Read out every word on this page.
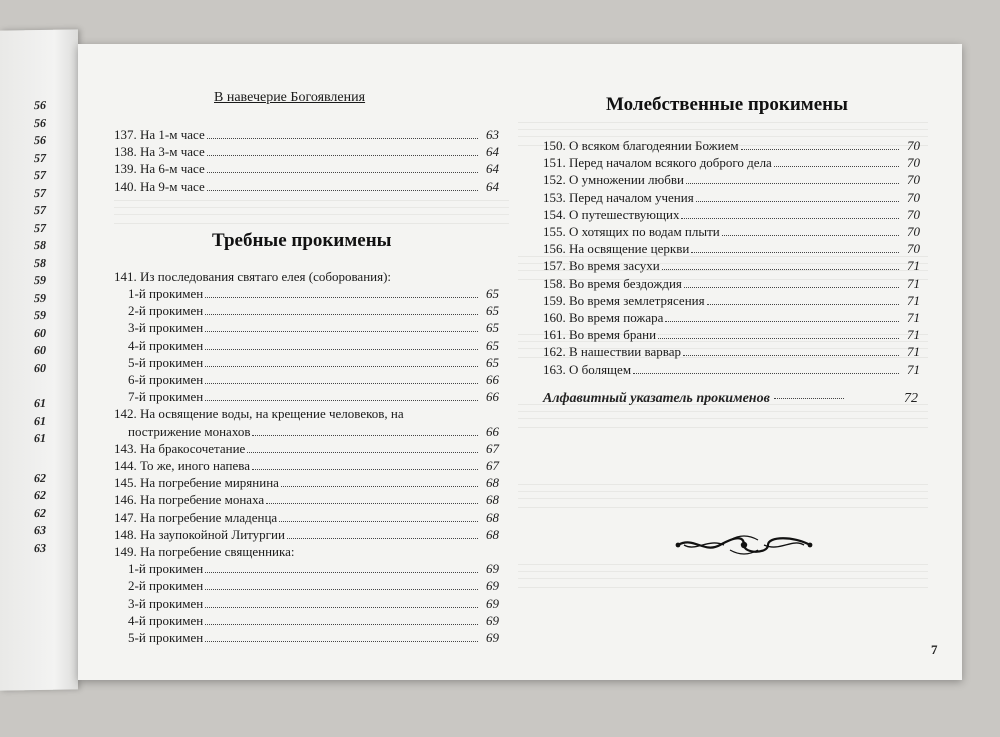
56
56
56
57
57
57
57
57
58
58
59
59
59
60
60
60
61
61
61
62
62
62
63
63
В навечерие Богоявления
Требные прокимены
Молебственные прокимены
Алфавитный указатель прокименов	72
7
137. На 1-м часе	63
138. На 3-м часе	64
139. На 6-м часе	64
140. На 9-м часе	64
141. Из последования святаго елея (соборования):
1-й прокимен	65
2-й прокимен	65
3-й прокимен	65
4-й прокимен	65
5-й прокимен	65
6-й прокимен	66
7-й прокимен	66
142. На освящение воды, на крещение человеков, на
пострижение монахов	66
143. На бракосочетание	67
144. То же, иного напева	67
145. На погребение мирянина	68
146. На погребение монаха	68
147. На погребение младенца	68
148. На заупокойной Литургии	68
149. На погребение священника:
1-й прокимен	69
2-й прокимен	69
3-й прокимен	69
4-й прокимен	69
5-й прокимен	69
150. О всяком благодеянии Божием	70
151. Перед началом всякого доброго дела	70
152. О умножении любви	70
153. Перед началом учения	70
154. О путешествующих	70
155. О хотящих по водам плыти	70
156. На освящение церкви	70
157. Во время засухи	71
158. Во время бездождия	71
159. Во время землетрясения	71
160. Во время пожара	71
161. Во время брани	71
162. В нашествии варвар	71
163. О болящем	71
